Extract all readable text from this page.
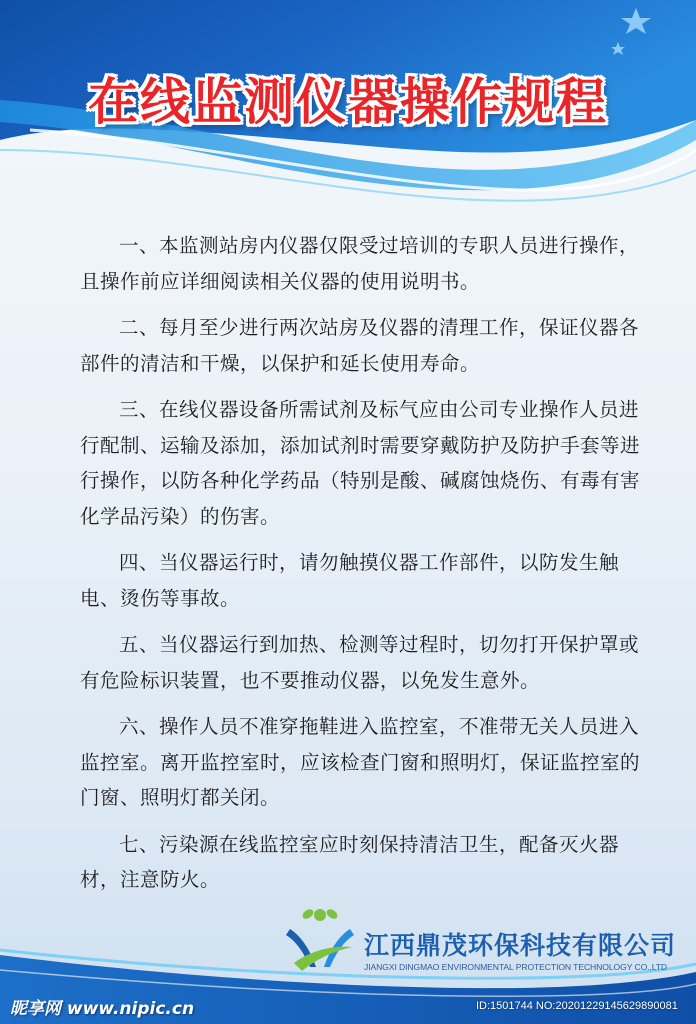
在线监测仪器操作规程

一、本监测站房内仪器仅限受过培训的专职人员进行操作，且操作前应详细阅读相关仪器的使用说明书。

二、每月至少进行两次站房及仪器的清理工作，保证仪器各部件的清洁和干燥，以保护和延长使用寿命。

三、在线仪器设备所需试剂及标气应由公司专业操作人员进行配制、运输及添加，添加试剂时需要穿戴防护及防护手套等进行操作，以防各种化学药品（特别是酸、碱腐蚀烧伤、有毒有害化学品污染）的伤害。

四、当仪器运行时，请勿触摸仪器工作部件，以防发生触电、烫伤等事故。

五、当仪器运行到加热、检测等过程时，切勿打开保护罩或有危险标识装置，也不要推动仪器，以免发生意外。

六、操作人员不准穿拖鞋进入监控室，不准带无关人员进入监控室。离开监控室时，应该检查门窗和照明灯，保证监控室的门窗、照明灯都关闭。

七、污染源在线监控室应时刻保持清洁卫生，配备灭火器材，注意防火。

江西鼎茂环保科技有限公司
JIANGXI DINGMAO ENVIRONMENTAL PROTECTION TECHNOLOGY CO.,LTD
昵享网 www.nipic.cn	ID:1501744 NO:20201229145629890081
